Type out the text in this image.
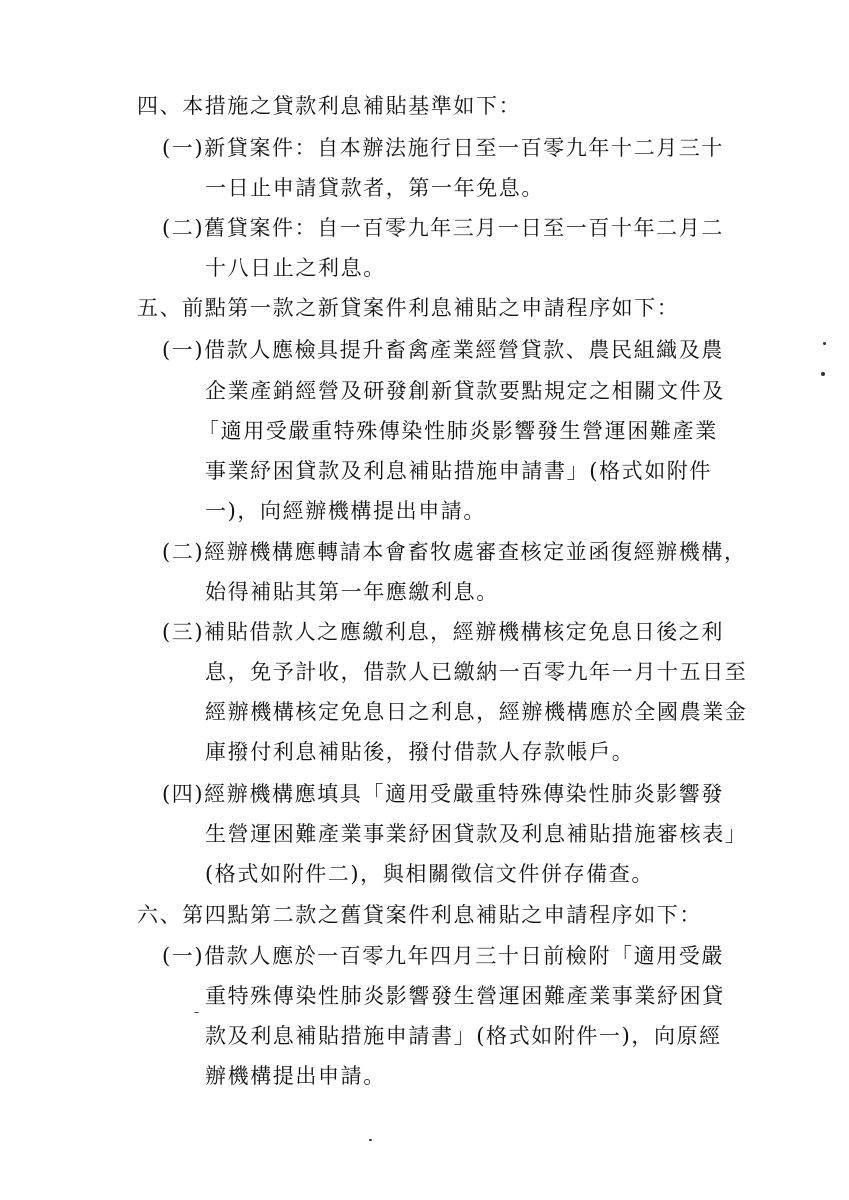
四、本措施之貸款利息補貼基準如下：
(一)新貸案件：自本辦法施行日至一百零九年十二月三十
一日止申請貸款者，第一年免息。
(二)舊貸案件：自一百零九年三月一日至一百十年二月二
十八日止之利息。
五、前點第一款之新貸案件利息補貼之申請程序如下：
(一)借款人應檢具提升畜禽產業經營貸款、農民組織及農
企業產銷經營及研發創新貸款要點規定之相關文件及
「適用受嚴重特殊傳染性肺炎影響發生營運困難產業
事業紓困貸款及利息補貼措施申請書」(格式如附件
一)，向經辦機構提出申請。
(二)經辦機構應轉請本會畜牧處審查核定並函復經辦機構，
始得補貼其第一年應繳利息。
(三)補貼借款人之應繳利息，經辦機構核定免息日後之利
息，免予計收，借款人已繳納一百零九年一月十五日至
經辦機構核定免息日之利息，經辦機構應於全國農業金
庫撥付利息補貼後，撥付借款人存款帳戶。
(四)經辦機構應填具「適用受嚴重特殊傳染性肺炎影響發
生營運困難產業事業紓困貸款及利息補貼措施審核表」
(格式如附件二)，與相關徵信文件併存備查。
六、第四點第二款之舊貸案件利息補貼之申請程序如下：
(一)借款人應於一百零九年四月三十日前檢附「適用受嚴
重特殊傳染性肺炎影響發生營運困難產業事業紓困貸
款及利息補貼措施申請書」(格式如附件一)，向原經
辦機構提出申請。
